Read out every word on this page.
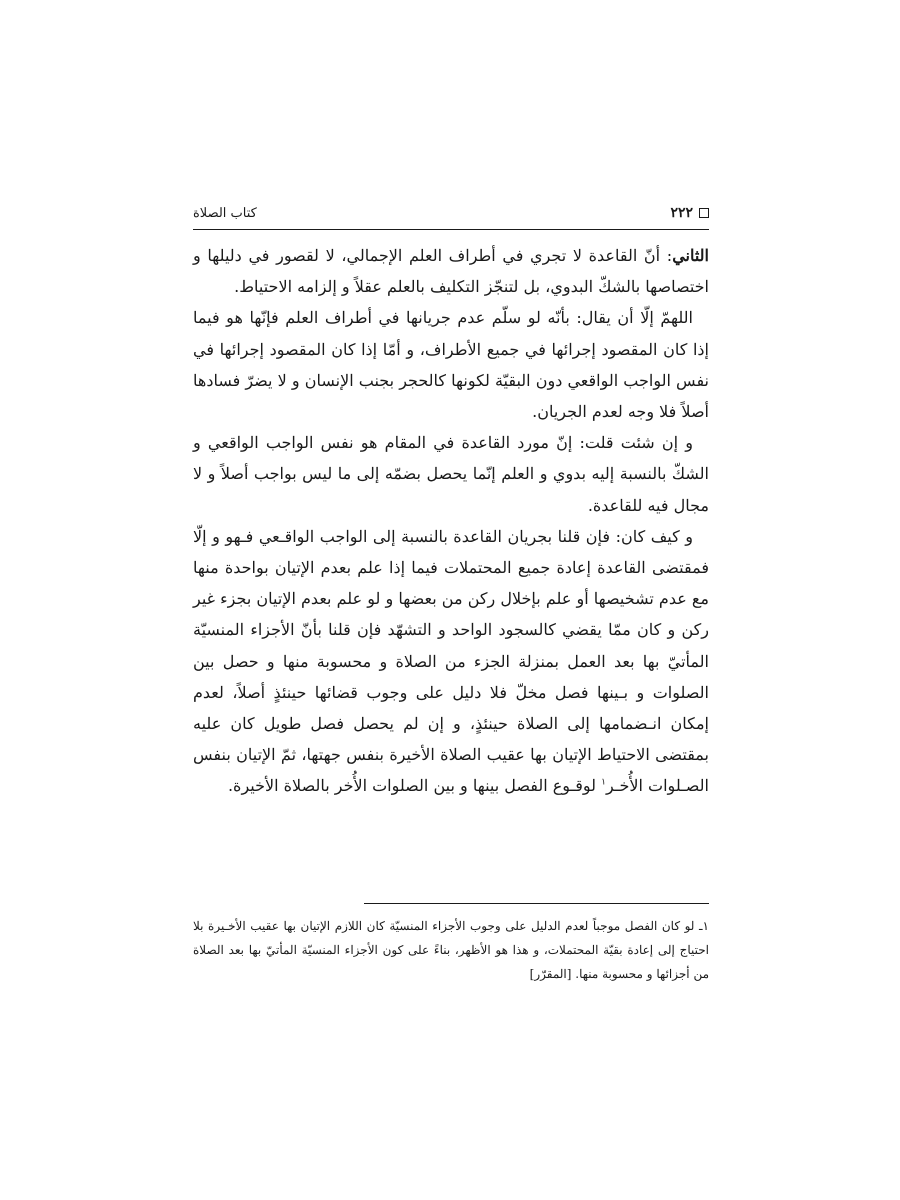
۲۲۲
كتاب الصلاة

الثاني: أنّ القاعدة لا تجري في أطراف العلم الإجمالي، لا لقصور في دليلها و اختصاصها بالشكّ البدوي، بل لتنجّز التكليف بالعلم عقلاً و إلزامه الاحتياط.

اللهمّ إلّا أن يقال: بأنّه لو سلّم عدم جريانها في أطراف العلم فإنّها هو فيما إذا كان المقصود إجرائها في جميع الأطراف، و أمّا إذا كان المقصود إجرائها في نفس الواجب الواقعي دون البقيّة لكونها كالحجر بجنب الإنسان و لا يضرّ فسادها أصلاً فلا وجه لعدم الجريان.

و إن شئت قلت: إنّ مورد القاعدة في المقام هو نفس الواجب الواقعي و الشكّ بالنسبة إليه بدوي و العلم إنّما يحصل بضمّه إلى ما ليس بواجب أصلاً و لا مجال فيه للقاعدة.

و كيف كان: فإن قلنا بجريان القاعدة بالنسبة إلى الواجب الواقـعي فـهو و إلّا فمقتضى القاعدة إعادة جميع المحتملات فيما إذا علم بعدم الإتيان بواحدة منها مع عدم تشخيصها أو علم بإخلال ركن من بعضها و لو علم بعدم الإتيان بجزء غير ركن و كان ممّا يقضي كالسجود الواحد و التشهّد فإن قلنا بأنّ الأجزاء المنسيّة المأتيّ بها بعد العمل بمنزلة الجزء من الصلاة و محسوبة منها و حصل بين الصلوات و بـينها فصل مخلّ فلا دليل على وجوب قضائها حينئذٍ أصلاً، لعدم إمكان انـضمامها إلى الصلاة حينئذٍ، و إن لم يحصل فصل طويل كان عليه بمقتضى الاحتياط الإتيان بها عقيب الصلاة الأخيرة بنفس جهتها، ثمّ الإتيان بنفس الصـلوات الأُخـر$^١$ لوقـوع الفصل بينها و بين الصلوات الأُخر بالصلاة الأخيرة.

١ـ لو كان الفصل موجباً لعدم الدليل على وجوب الأجزاء المنسيّة كان اللازم الإتيان بها عقيب الأخـيرة بلا احتياج إلى إعادة بقيّة المحتملات، و هذا هو الأظهر، بناءً على كون الأجزاء المنسيّة المأتيّ بها بعد الصلاة من أجزائها و محسوبة منها. [المقرّر]
